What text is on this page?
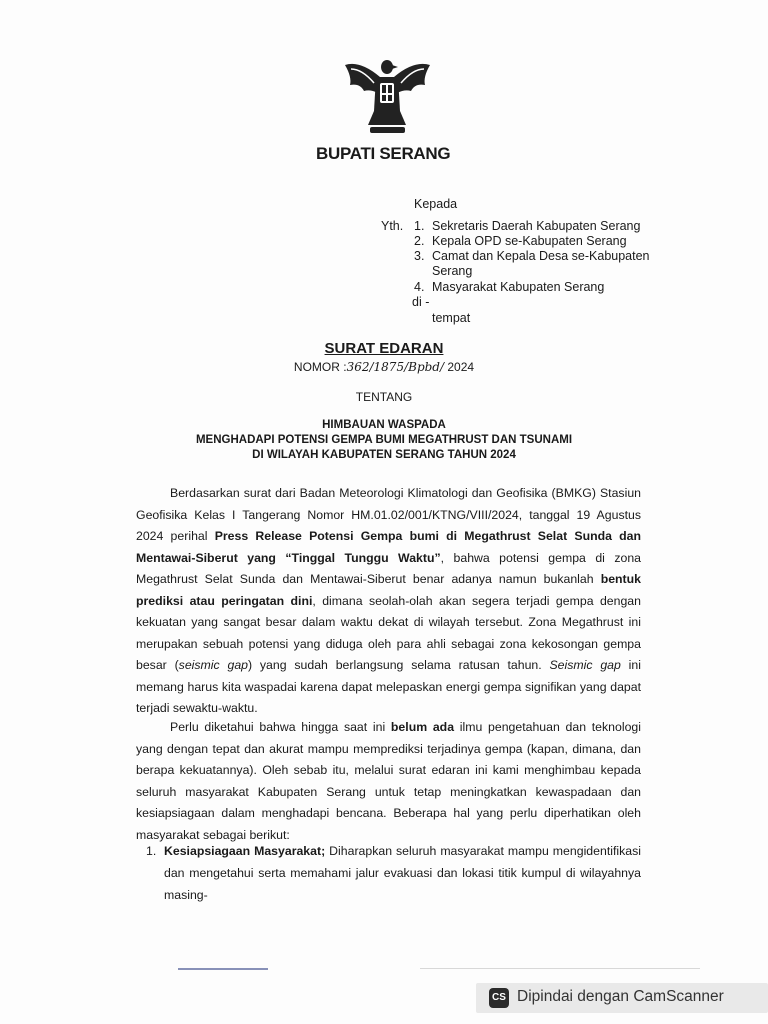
BUPATI SERANG
Kepada
Yth. 1. Sekretaris Daerah Kabupaten Serang
2. Kepala OPD se-Kabupaten Serang
3. Camat dan Kepala Desa se-Kabupaten
Serang
4. Masyarakat Kabupaten Serang
di -
tempat
SURAT EDARAN
NOMOR :362/1875/Bpbd/ 2024
TENTANG
HIMBAUAN WASPADA
MENGHADAPI POTENSI GEMPA BUMI MEGATHRUST DAN TSUNAMI
DI WILAYAH KABUPATEN SERANG TAHUN 2024

Berdasarkan surat dari Badan Meteorologi Klimatologi dan Geofisika (BMKG) Stasiun Geofisika Kelas I Tangerang Nomor HM.01.02/001/KTNG/VIII/2024, tanggal 19 Agustus 2024 perihal Press Release Potensi Gempa bumi di Megathrust Selat Sunda dan Mentawai-Siberut yang “Tinggal Tunggu Waktu”, bahwa potensi gempa di zona Megathrust Selat Sunda dan Mentawai-Siberut benar adanya namun bukanlah bentuk prediksi atau peringatan dini, dimana seolah-olah akan segera terjadi gempa dengan kekuatan yang sangat besar dalam waktu dekat di wilayah tersebut. Zona Megathrust ini merupakan sebuah potensi yang diduga oleh para ahli sebagai zona kekosongan gempa besar (seismic gap) yang sudah berlangsung selama ratusan tahun. Seismic gap ini memang harus kita waspadai karena dapat melepaskan energi gempa signifikan yang dapat terjadi sewaktu-waktu.

Perlu diketahui bahwa hingga saat ini belum ada ilmu pengetahuan dan teknologi yang dengan tepat dan akurat mampu memprediksi terjadinya gempa (kapan, dimana, dan berapa kekuatannya). Oleh sebab itu, melalui surat edaran ini kami menghimbau kepada seluruh masyarakat Kabupaten Serang untuk tetap meningkatkan kewaspadaan dan kesiapsiagaan dalam menghadapi bencana. Beberapa hal yang perlu diperhatikan oleh masyarakat sebagai berikut:

1. Kesiapsiagaan Masyarakat; Diharapkan seluruh masyarakat mampu mengidentifikasi dan mengetahui serta memahami jalur evakuasi dan lokasi titik kumpul di wilayahnya masing-
CS Dipindai dengan CamScanner
